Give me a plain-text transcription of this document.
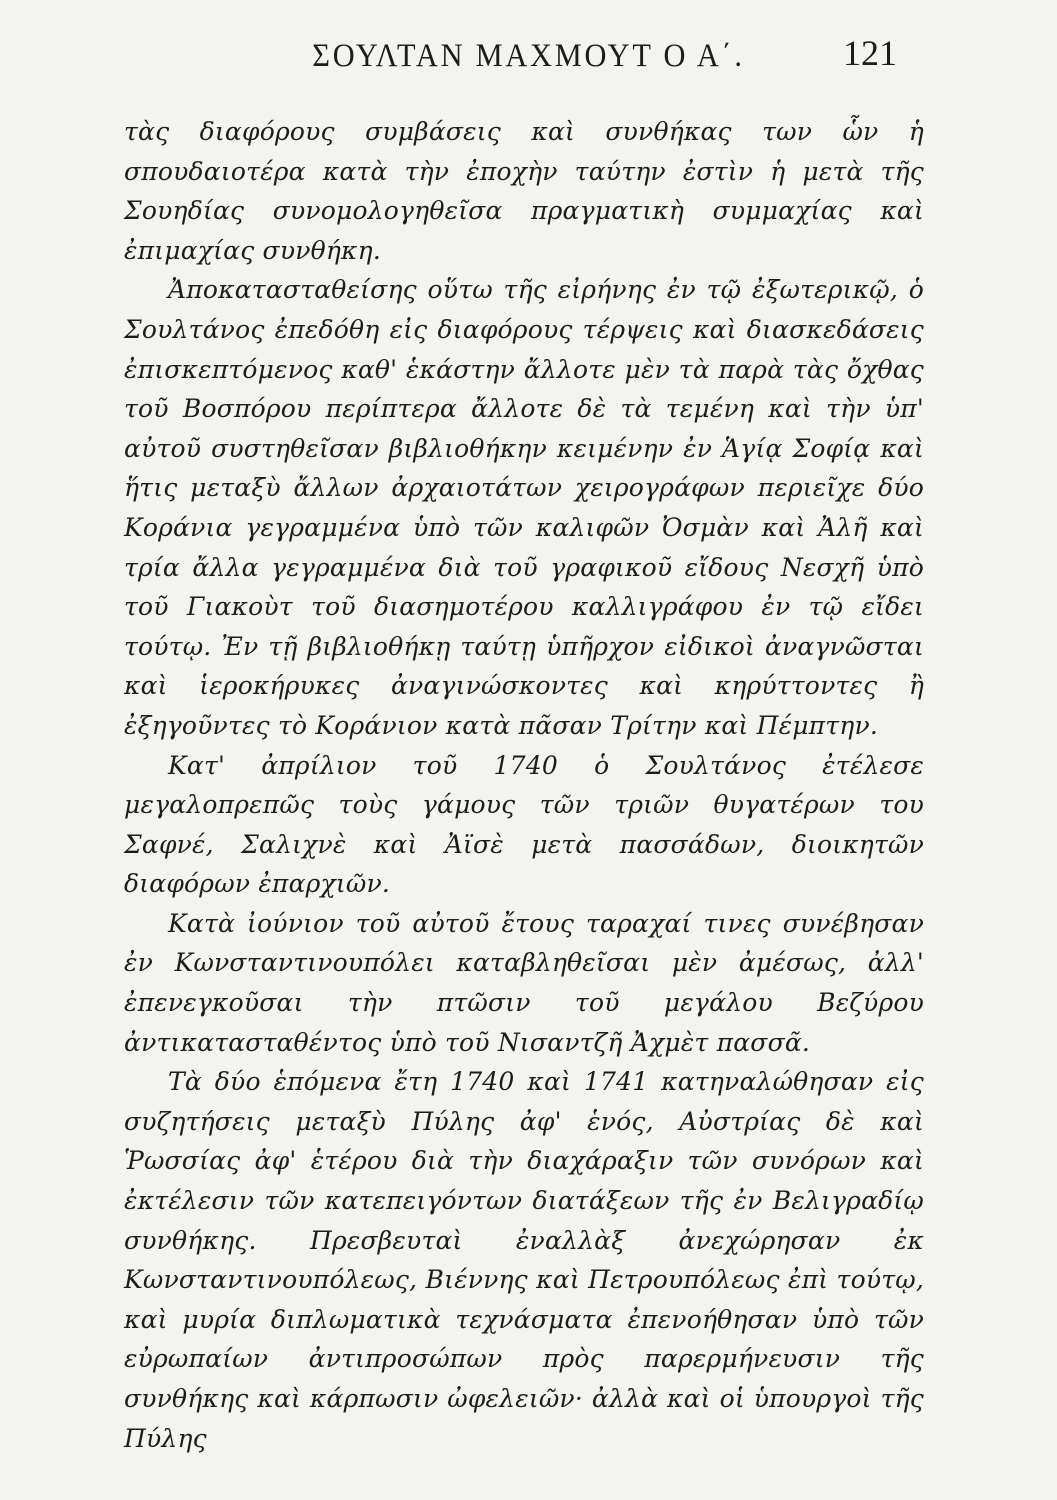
ΣΟΥΛΤΑΝ ΜΑΧΜΟΥΤ Ο Α΄.	121

τὰς διαφόρους συμβάσεις καὶ συνθήκας των ὧν ἡ σπουδαιοτέρα κατὰ τὴν ἐποχὴν ταύτην ἐστὶν ἡ μετὰ τῆς Σουηδίας συνομολογηθεῖσα πραγματικὴ συμμαχίας καὶ ἐπιμαχίας συνθήκη.

Ἀποκατασταθείσης οὕτω τῆς εἰρήνης ἐν τῷ ἐξωτερικῷ, ὁ Σουλτάνος ἐπεδόθη εἰς διαφόρους τέρψεις καὶ διασκεδάσεις ἐπισκεπτόμενος καθ' ἑκάστην ἄλλοτε μὲν τὰ παρὰ τὰς ὄχθας τοῦ Βοσπόρου περίπτερα ἄλλοτε δὲ τὰ τεμένη καὶ τὴν ὑπ' αὐτοῦ συστηθεῖσαν βιβλιοθήκην κειμένην ἐν Ἁγίᾳ Σοφίᾳ καὶ ἥτις μεταξὺ ἄλλων ἀρχαιοτάτων χειρογράφων περιεῖχε δύο Κοράνια γεγραμμένα ὑπὸ τῶν καλιφῶν Ὀσμὰν καὶ Ἀλῆ καὶ τρία ἄλλα γεγραμμένα διὰ τοῦ γραφικοῦ εἴδους Νεσχῆ ὑπὸ τοῦ Γιακοὺτ τοῦ διασημοτέρου καλλιγράφου ἐν τῷ εἴδει τούτῳ. Ἐν τῇ βιβλιοθήκῃ ταύτῃ ὑπῆρχον εἰδικοὶ ἀναγνῶσται καὶ ἱεροκήρυκες ἀναγινώσκοντες καὶ κηρύττοντες ἢ ἐξηγοῦντες τὸ Κοράνιον κατὰ πᾶσαν Τρίτην καὶ Πέμπτην.

Κατ' ἀπρίλιον τοῦ 1740 ὁ Σουλτάνος ἐτέλεσε μεγαλοπρεπῶς τοὺς γάμους τῶν τριῶν θυγατέρων του Σαφνέ, Σαλιχνὲ καὶ Ἀϊσὲ μετὰ πασσάδων, διοικητῶν διαφόρων ἐπαρχιῶν.

Κατὰ ἰούνιον τοῦ αὐτοῦ ἔτους ταραχαί τινες συνέβησαν ἐν Κωνσταντινουπόλει καταβληθεῖσαι μὲν ἀμέσως, ἀλλ' ἐπενεγκοῦσαι τὴν πτῶσιν τοῦ μεγάλου Βεζύρου ἀντικατασταθέντος ὑπὸ τοῦ Νισαντζῆ Ἀχμὲτ πασσᾶ.

Τὰ δύο ἑπόμενα ἔτη 1740 καὶ 1741 κατηναλώθησαν εἰς συζητήσεις μεταξὺ Πύλης ἀφ' ἑνός, Αὐστρίας δὲ καὶ Ῥωσσίας ἀφ' ἑτέρου διὰ τὴν διαχάραξιν τῶν συνόρων καὶ ἐκτέλεσιν τῶν κατεπειγόντων διατάξεων τῆς ἐν Βελιγραδίῳ συνθήκης. Πρεσβευταὶ ἐναλλὰξ ἀνεχώρησαν ἐκ Κωνσταντινουπόλεως, Βιέννης καὶ Πετρουπόλεως ἐπὶ τούτῳ, καὶ μυρία διπλωματικὰ τεχνάσματα ἐπενοήθησαν ὑπὸ τῶν εὐρωπαίων ἀντιπροσώπων πρὸς παρερμήνευσιν τῆς συνθήκης καὶ κάρπωσιν ὠφελειῶν· ἀλλὰ καὶ οἱ ὑπουργοὶ τῆς Πύλης
